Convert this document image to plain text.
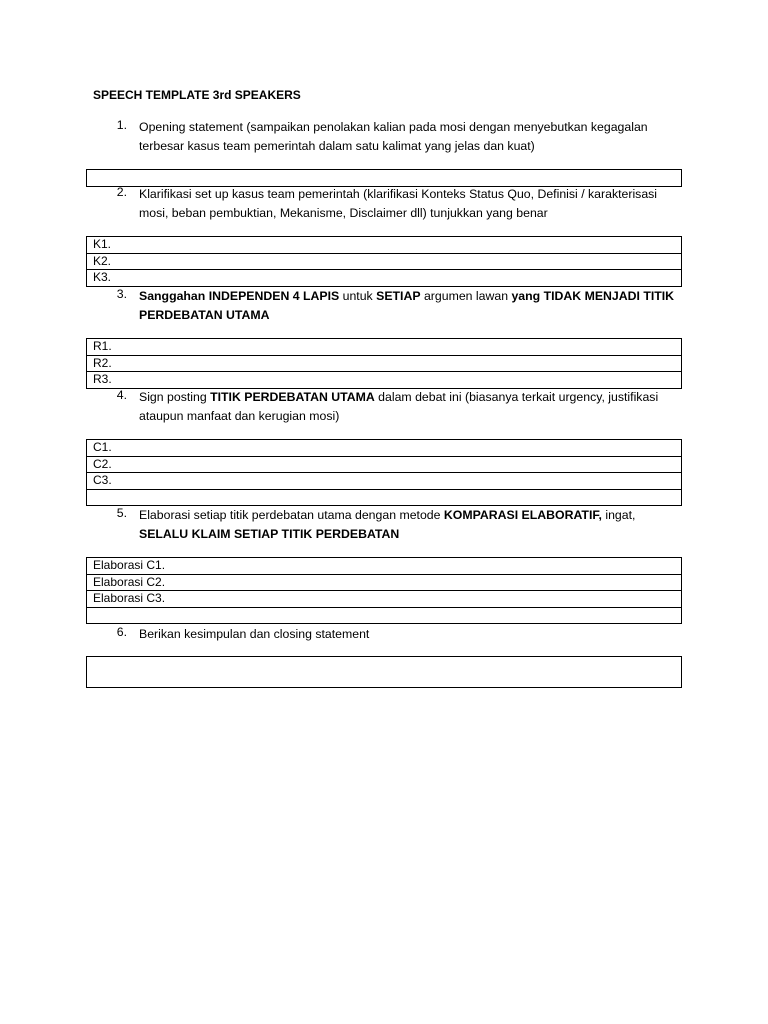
SPEECH TEMPLATE 3rd SPEAKERS
1. Opening statement (sampaikan penolakan kalian pada mosi dengan menyebutkan kegagalan terbesar kasus team pemerintah dalam satu kalimat yang jelas dan kuat)
2. Klarifikasi set up kasus team pemerintah (klarifikasi Konteks Status Quo, Definisi / karakterisasi mosi, beban pembuktian, Mekanisme, Disclaimer dll) tunjukkan yang benar
K1.
K2.
K3.
3. Sanggahan INDEPENDEN 4 LAPIS untuk SETIAP argumen lawan yang TIDAK MENJADI TITIK PERDEBATAN UTAMA
R1.
R2.
R3.
4. Sign posting TITIK PERDEBATAN UTAMA dalam debat ini (biasanya terkait urgency, justifikasi ataupun manfaat dan kerugian mosi)
C1.
C2.
C3.

5. Elaborasi setiap titik perdebatan utama dengan metode KOMPARASI ELABORATIF, ingat, SELALU KLAIM SETIAP TITIK PERDEBATAN
Elaborasi C1.
Elaborasi C2.
Elaborasi C3.

6. Berikan kesimpulan dan closing statement
